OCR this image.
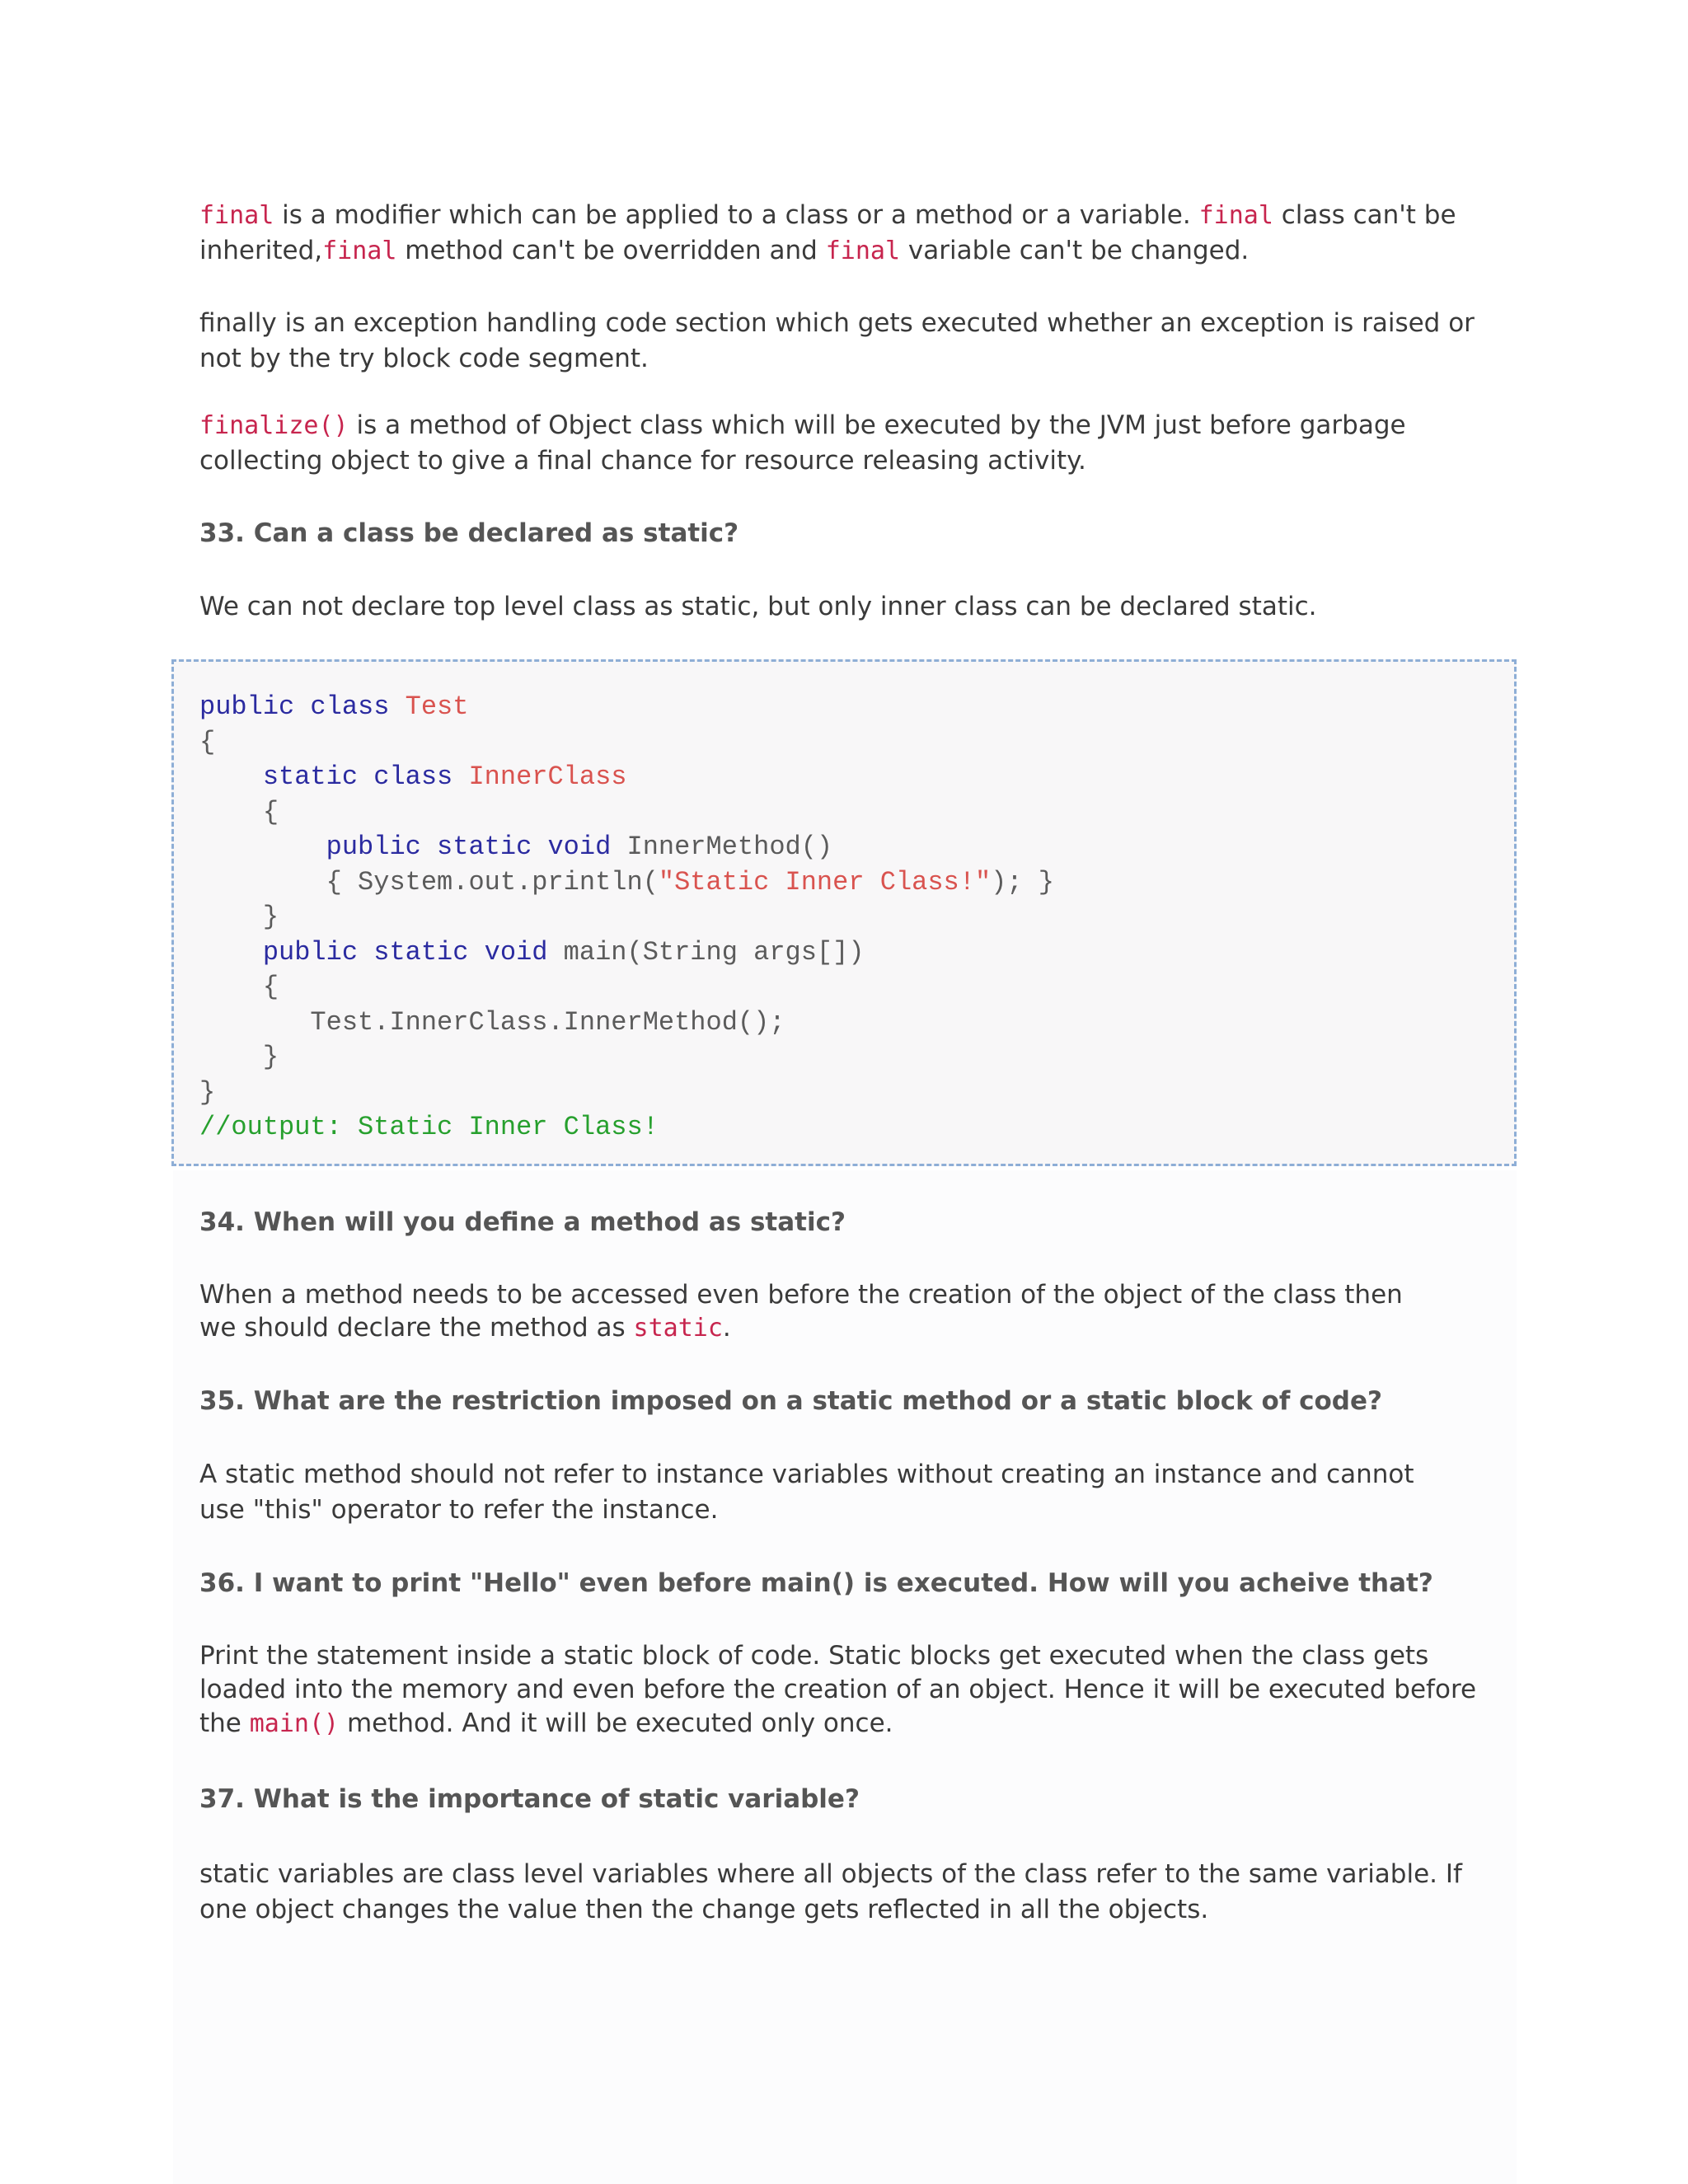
final is a modifier which can be applied to a class or a method or a variable. final class can't be inherited,final method can't be overridden and final variable can't be changed.

finally is an exception handling code section which gets executed whether an exception is raised or not by the try block code segment.

finalize() is a method of Object class which will be executed by the JVM just before garbage collecting object to give a final chance for resource releasing activity.

33. Can a class be declared as static?

We can not declare top level class as static, but only inner class can be declared static.

public class Test
{
static class InnerClass
{
public static void InnerMethod()
{ System.out.println("Static Inner Class!"); }
}
public static void main(String args[])
{
Test.InnerClass.InnerMethod();
}
}
//output: Static Inner Class!
34. When will you define a method as static?

When a method needs to be accessed even before the creation of the object of the class then we should declare the method as static.

35. What are the restriction imposed on a static method or a static block of code?

A static method should not refer to instance variables without creating an instance and cannot use "this" operator to refer the instance.

36. I want to print "Hello" even before main() is executed. How will you acheive that?

Print the statement inside a static block of code. Static blocks get executed when the class gets loaded into the memory and even before the creation of an object. Hence it will be executed before the main() method. And it will be executed only once.

37. What is the importance of static variable?

static variables are class level variables where all objects of the class refer to the same variable. If one object changes the value then the change gets reflected in all the objects.
